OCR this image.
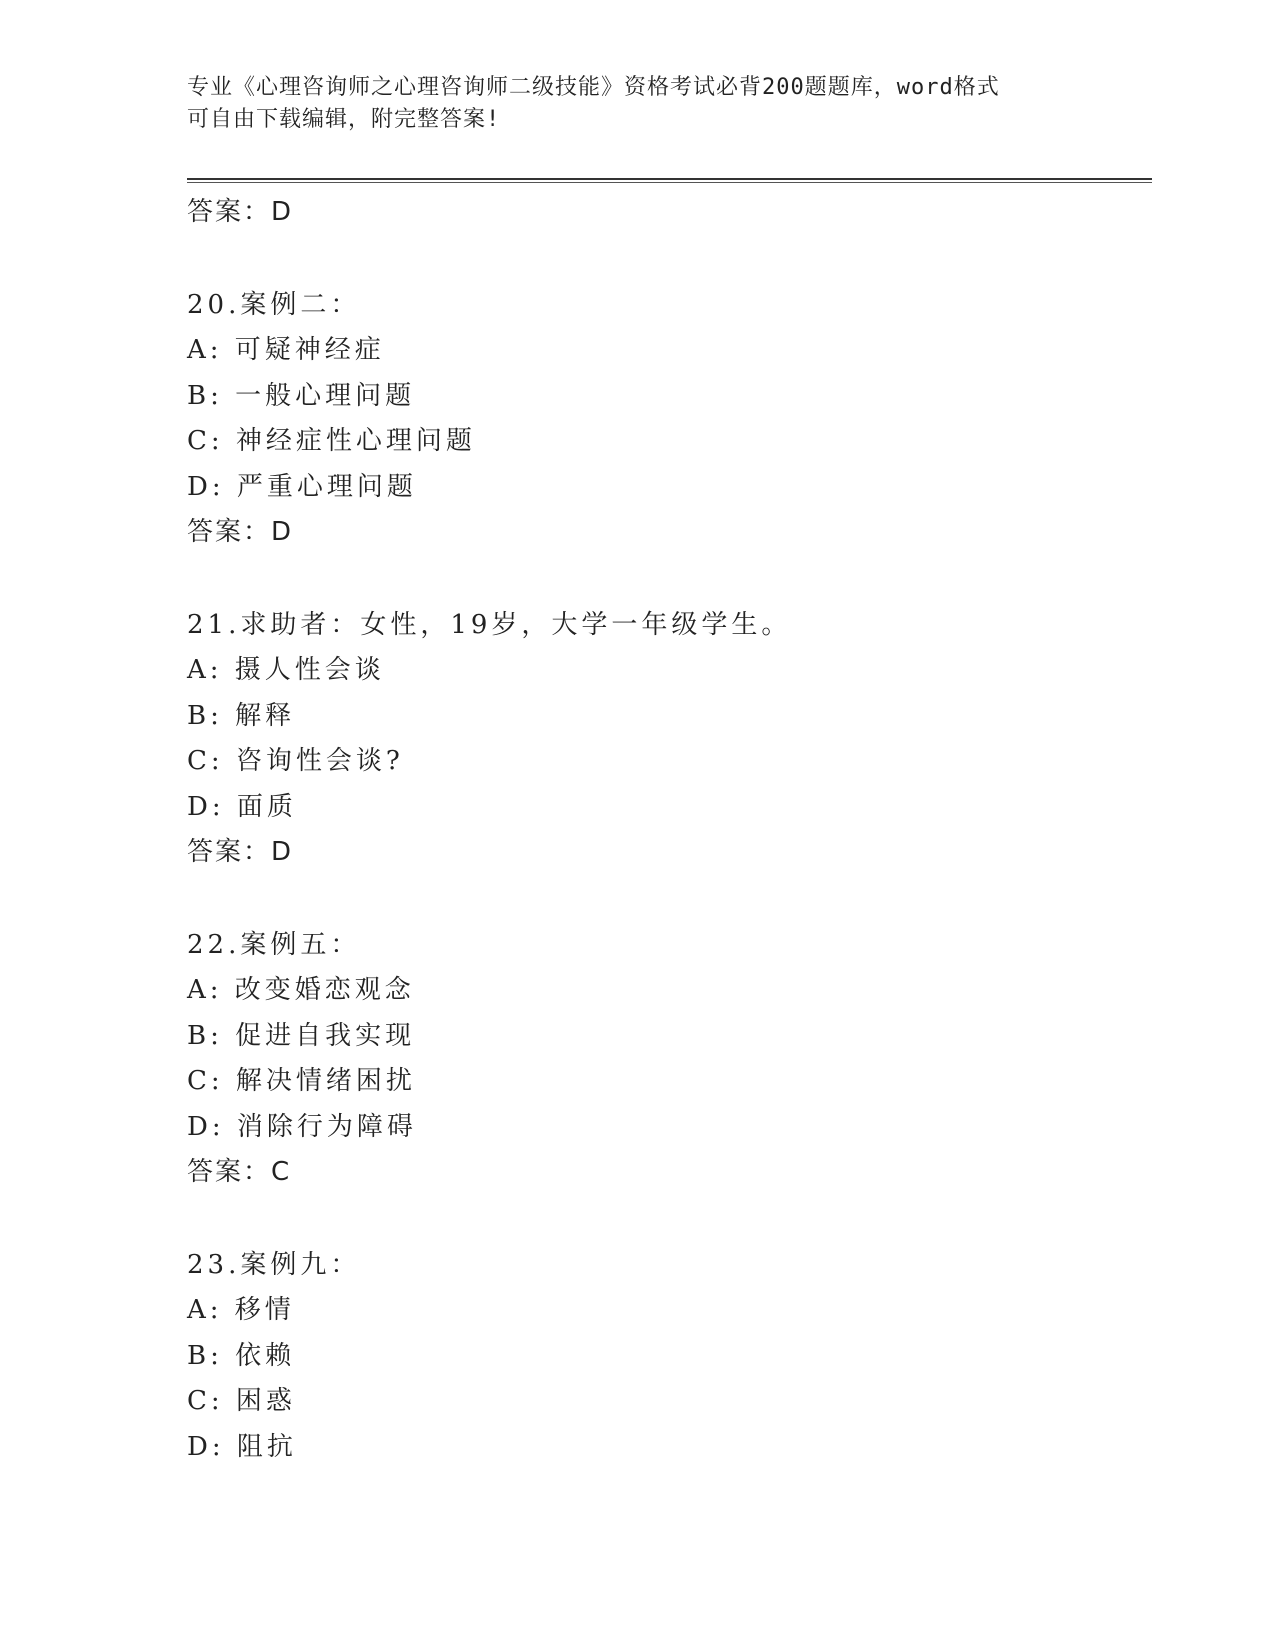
专业《心理咨询师之心理咨询师二级技能》资格考试必背200题题库，word格式
可自由下载编辑，附完整答案!
答案：D
20.案例二：
A: 可疑神经症
B: 一般心理问题
C: 神经症性心理问题
D: 严重心理问题
答案：D
21.求助者：女性，19岁，大学一年级学生。
A: 摄人性会谈
B: 解释
C: 咨询性会谈?
D: 面质
答案：D
22.案例五：
A: 改变婚恋观念
B: 促进自我实现
C: 解决情绪困扰
D: 消除行为障碍
答案：C
23.案例九：
A: 移情
B: 依赖
C: 困惑
D: 阻抗
